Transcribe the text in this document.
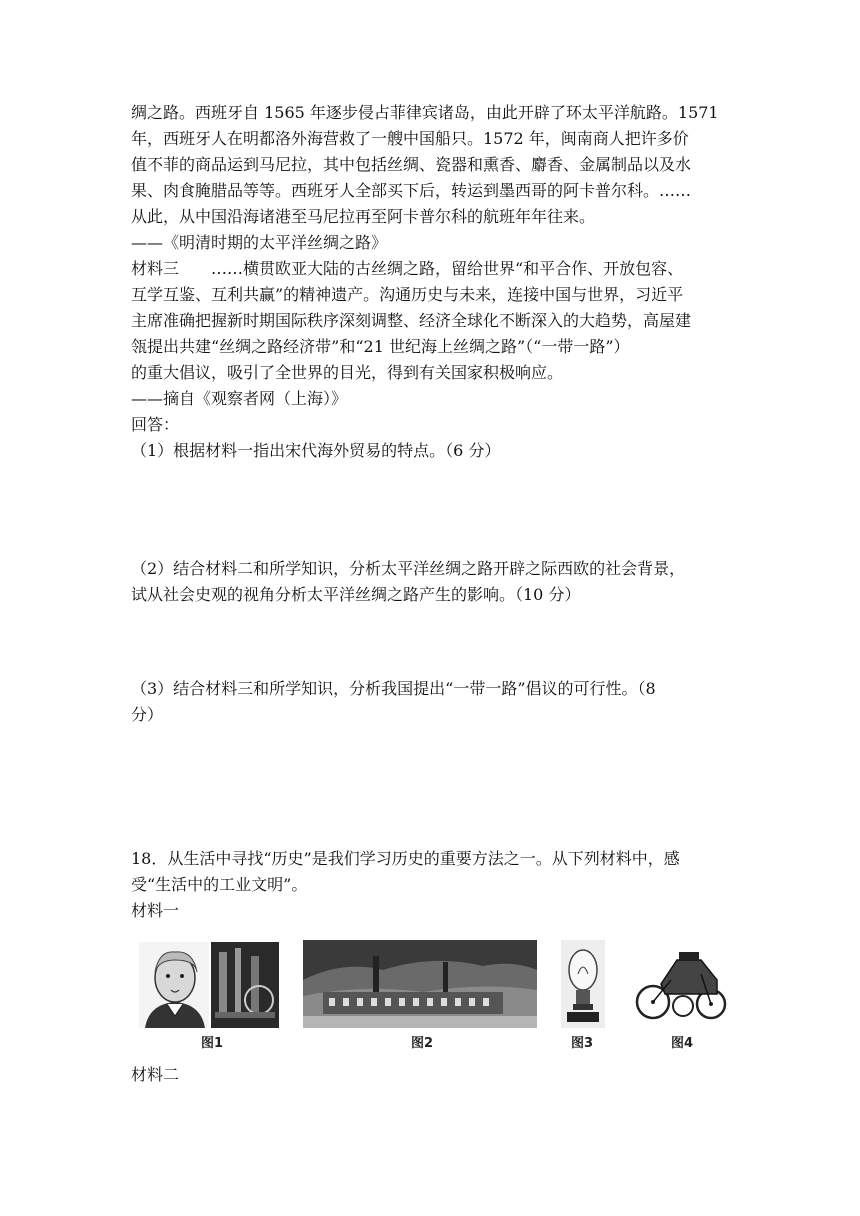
绸之路。西班牙自 1565 年逐步侵占菲律宾诸岛，由此开辟了环太平洋航路。1571
年，西班牙人在明都洛外海营救了一艘中国船只。1572 年，闽南商人把许多价
值不菲的商品运到马尼拉，其中包括丝绸、瓷器和熏香、麝香、金属制品以及水
果、肉食腌腊品等等。西班牙人全部买下后，转运到墨西哥的阿卡普尔科。……
从此，从中国沿海诸港至马尼拉再至阿卡普尔科的航班年年往来。
——《明清时期的太平洋丝绸之路》
材料三　　……横贯欧亚大陆的古丝绸之路，留给世界“和平合作、开放包容、
互学互鉴、互利共赢”的精神遗产。沟通历史与未来，连接中国与世界，习近平
主席准确把握新时期国际秩序深刻调整、经济全球化不断深入的大趋势，高屋建
瓴提出共建“丝绸之路经济带”和“21 世纪海上丝绸之路”（“一带一路”）
的重大倡议，吸引了全世界的目光，得到有关国家积极响应。
——摘自《观察者网（上海）》
回答：
（1）根据材料一指出宋代海外贸易的特点。（6 分）
（2）结合材料二和所学知识，分析太平洋丝绸之路开辟之际西欧的社会背景，
试从社会史观的视角分析太平洋丝绸之路产生的影响。（10 分）
（3）结合材料三和所学知识，分析我国提出“一带一路”倡议的可行性。（8
分）
18．从生活中寻找“历史”是我们学习历史的重要方法之一。从下列材料中，感
受“生活中的工业文明”。
材料一
图1	图2	图3	图4
材料二
